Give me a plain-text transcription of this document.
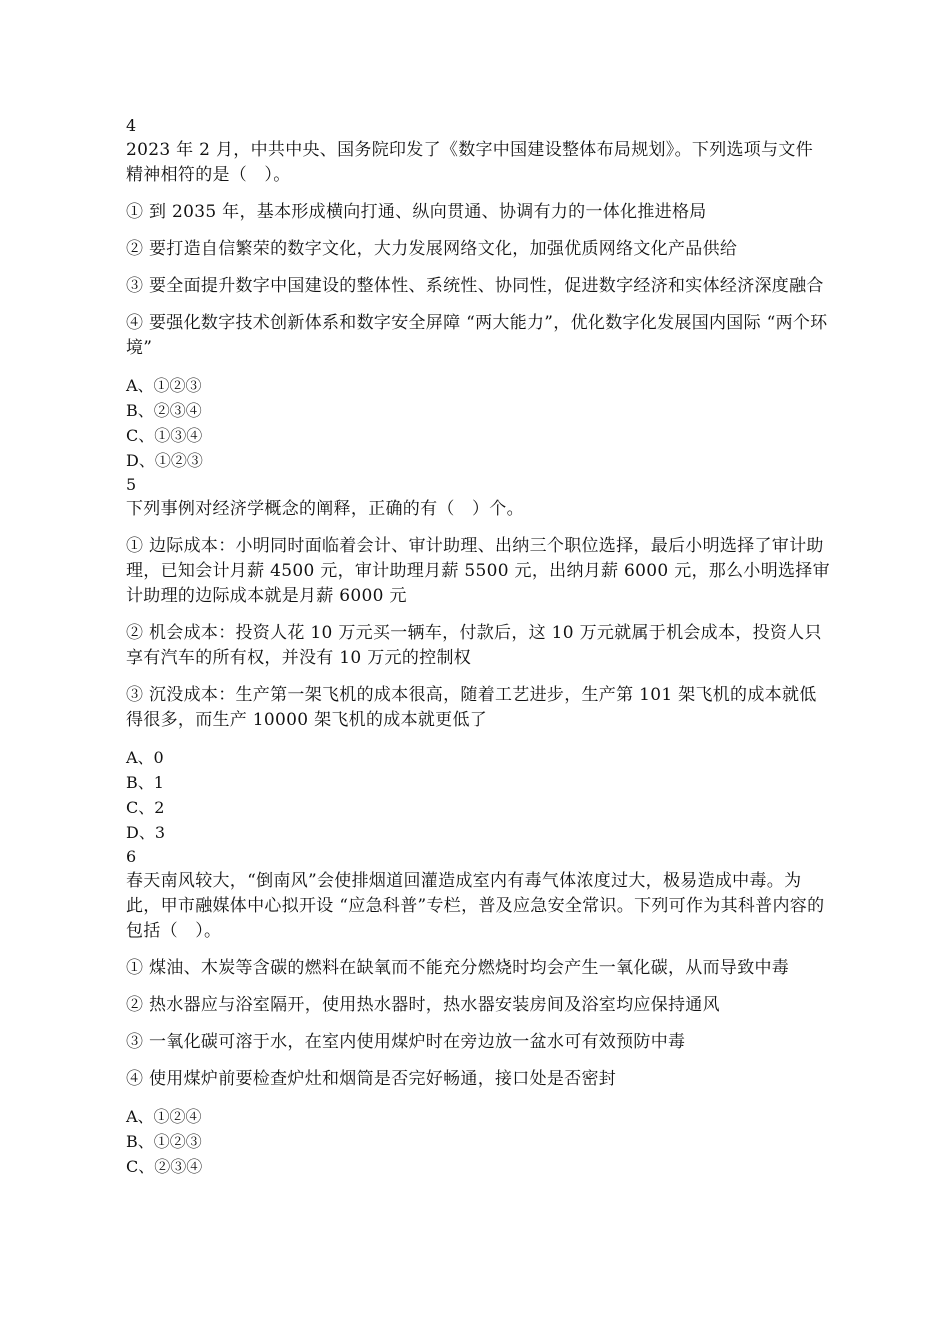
4

2023 年 2 月，中共中央、国务院印发了《数字中国建设整体布局规划》。下列选项与文件精神相符的是（　）。

① 到 2035 年，基本形成横向打通、纵向贯通、协调有力的一体化推进格局

② 要打造自信繁荣的数字文化，大力发展网络文化，加强优质网络文化产品供给

③ 要全面提升数字中国建设的整体性、系统性、协同性，促进数字经济和实体经济深度融合

④ 要强化数字技术创新体系和数字安全屏障 “两大能力”，优化数字化发展国内国际 “两个环境”

A、①②③
B、②③④
C、①③④
D、①②③
5

下列事例对经济学概念的阐释，正确的有（　）个。

① 边际成本：小明同时面临着会计、审计助理、出纳三个职位选择，最后小明选择了审计助理，已知会计月薪 4500 元，审计助理月薪 5500 元，出纳月薪 6000 元，那么小明选择审计助理的边际成本就是月薪 6000 元

② 机会成本：投资人花 10 万元买一辆车，付款后，这 10 万元就属于机会成本，投资人只享有汽车的所有权，并没有 10 万元的控制权

③ 沉没成本：生产第一架飞机的成本很高，随着工艺进步，生产第 101 架飞机的成本就低得很多，而生产 10000 架飞机的成本就更低了

A、0
B、1
C、2
D、3
6

春天南风较大，“倒南风”会使排烟道回灌造成室内有毒气体浓度过大，极易造成中毒。为此，甲市融媒体中心拟开设 “应急科普”专栏，普及应急安全常识。下列可作为其科普内容的包括（　）。

① 煤油、木炭等含碳的燃料在缺氧而不能充分燃烧时均会产生一氧化碳，从而导致中毒

② 热水器应与浴室隔开，使用热水器时，热水器安装房间及浴室均应保持通风

③ 一氧化碳可溶于水，在室内使用煤炉时在旁边放一盆水可有效预防中毒

④ 使用煤炉前要检查炉灶和烟筒是否完好畅通，接口处是否密封

A、①②④
B、①②③
C、②③④
